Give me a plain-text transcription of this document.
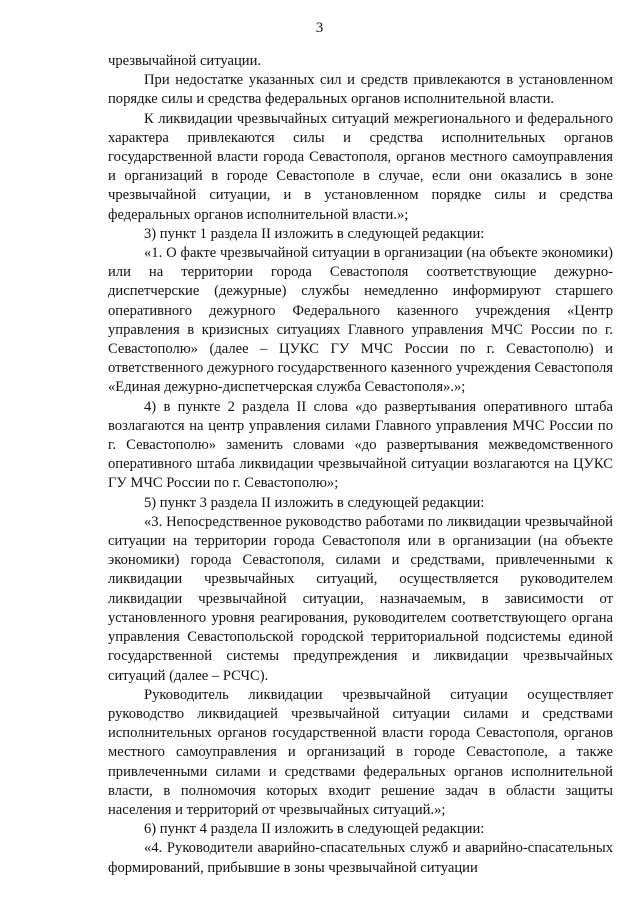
3

чрезвычайной ситуации.

При недостатке указанных сил и средств привлекаются в установленном порядке силы и средства федеральных органов исполнительной власти.

К ликвидации чрезвычайных ситуаций межрегионального и федерального характера привлекаются силы и средства исполнительных органов государственной власти города Севастополя, органов местного самоуправления и организаций в городе Севастополе в случае, если они оказались в зоне чрезвычайной ситуации, и в установленном порядке силы и средства федеральных органов исполнительной власти.»;

3) пункт 1 раздела II изложить в следующей редакции:

«1. О факте чрезвычайной ситуации в организации (на объекте экономики) или на территории города Севастополя соответствующие дежурно-диспетчерские (дежурные) службы немедленно информируют старшего оперативного дежурного Федерального казенного учреждения «Центр управления в кризисных ситуациях Главного управления МЧС России по г. Севастополю» (далее – ЦУКС ГУ МЧС России по г. Севастополю) и ответственного дежурного государственного казенного учреждения Севастополя «Единая дежурно-диспетчерская служба Севастополя».»;

4) в пункте 2 раздела II слова «до развертывания оперативного штаба возлагаются на центр управления силами Главного управления МЧС России по г. Севастополю» заменить словами «до развертывания межведомственного оперативного штаба ликвидации чрезвычайной ситуации возлагаются на ЦУКС ГУ МЧС России по г. Севастополю»;

5) пункт 3 раздела II изложить в следующей редакции:

«3. Непосредственное руководство работами по ликвидации чрезвычайной ситуации на территории города Севастополя или в организации (на объекте экономики) города Севастополя, силами и средствами, привлеченными к ликвидации чрезвычайных ситуаций, осуществляется руководителем ликвидации чрезвычайной ситуации, назначаемым, в зависимости от установленного уровня реагирования, руководителем соответствующего органа управления Севастопольской городской территориальной подсистемы единой государственной системы предупреждения и ликвидации чрезвычайных ситуаций (далее – РСЧС).

Руководитель ликвидации чрезвычайной ситуации осуществляет руководство ликвидацией чрезвычайной ситуации силами и средствами исполнительных органов государственной власти города Севастополя, органов местного самоуправления и организаций в городе Севастополе, а также привлеченными силами и средствами федеральных органов исполнительной власти, в полномочия которых входит решение задач в области защиты населения и территорий от чрезвычайных ситуаций.»;

6) пункт 4 раздела II изложить в следующей редакции:

«4. Руководители аварийно-спасательных служб и аварийно-спасательных формирований, прибывшие в зоны чрезвычайной ситуации
